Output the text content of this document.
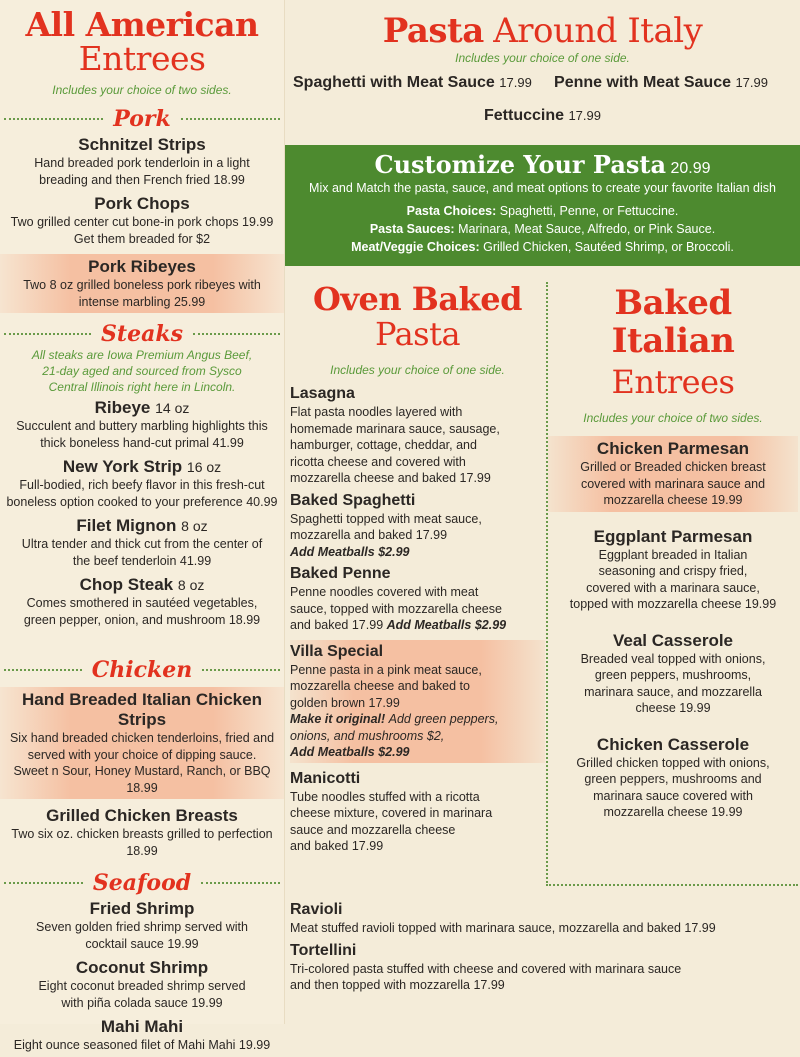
All American
Entrees
Includes your choice of two sides.
Pork
Schnitzel Strips
Hand breaded pork tenderloin in a light
breading and then French fried 18.99
Pork Chops
Two grilled center cut bone-in pork chops 19.99
Get them breaded for $2
Pork Ribeyes
Two 8 oz grilled boneless pork ribeyes with
intense marbling 25.99
Steaks
All steaks are Iowa Premium Angus Beef,
21-day aged and sourced from Sysco
Central Illinois right here in Lincoln.
Ribeye 14 oz
Succulent and buttery marbling highlights this
thick boneless hand-cut primal 41.99
New York Strip 16 oz
Full-bodied, rich beefy flavor in this fresh-cut
boneless option cooked to your preference 40.99
Filet Mignon 8 oz
Ultra tender and thick cut from the center of
the beef tenderloin 41.99
Chop Steak 8 oz
Comes smothered in sautéed vegetables,
green pepper, onion, and mushroom 18.99
Chicken
Hand Breaded Italian Chicken Strips
Six hand breaded chicken tenderloins, fried and
served with your choice of dipping sauce.
Sweet n Sour, Honey Mustard, Ranch, or BBQ 18.99
Grilled Chicken Breasts
Two six oz. chicken breasts grilled to perfection 18.99
Seafood
Fried Shrimp
Seven golden fried shrimp served with
cocktail sauce 19.99
Coconut Shrimp
Eight coconut breaded shrimp served
with piña colada sauce 19.99
Mahi Mahi
Eight ounce seasoned filet of Mahi Mahi 19.99
Pasta Around Italy
Includes your choice of one side.
Spaghetti with Meat Sauce 17.99 Penne with Meat Sauce 17.99
Fettuccine 17.99
Customize Your Pasta 20.99
Mix and Match the pasta, sauce, and meat options to create your favorite Italian dish
Pasta Choices: Spaghetti, Penne, or Fettuccine.
Pasta Sauces: Marinara, Meat Sauce, Alfredo, or Pink Sauce.
Meat/Veggie Choices: Grilled Chicken, Sautéed Shrimp, or Broccoli.
Oven Baked
Pasta
Includes your choice of one side.
Lasagna
Flat pasta noodles layered with
homemade marinara sauce, sausage,
hamburger, cottage, cheddar, and
ricotta cheese and covered with
mozzarella cheese and baked 17.99
Baked Spaghetti
Spaghetti topped with meat sauce,
mozzarella and baked 17.99
Add Meatballs $2.99
Baked Penne
Penne noodles covered with meat
sauce, topped with mozzarella cheese
and baked 17.99 Add Meatballs $2.99
Villa Special
Penne pasta in a pink meat sauce,
mozzarella cheese and baked to
golden brown 17.99
Make it original! Add green peppers,
onions, and mushrooms $2,
Add Meatballs $2.99
Manicotti
Tube noodles stuffed with a ricotta
cheese mixture, covered in marinara
sauce and mozzarella cheese
and baked 17.99
Baked
Italian
Entrees
Includes your choice of two sides.
Chicken Parmesan
Grilled or Breaded chicken breast
covered with marinara sauce and
mozzarella cheese 19.99
Eggplant Parmesan
Eggplant breaded in Italian
seasoning and crispy fried,
covered with a marinara sauce,
topped with mozzarella cheese 19.99
Veal Casserole
Breaded veal topped with onions,
green peppers, mushrooms,
marinara sauce, and mozzarella
cheese 19.99
Chicken Casserole
Grilled chicken topped with onions,
green peppers, mushrooms and
marinara sauce covered with
mozzarella cheese 19.99
Ravioli
Meat stuffed ravioli topped with marinara sauce, mozzarella and baked 17.99
Tortellini
Tri-colored pasta stuffed with cheese and covered with marinara sauce
and then topped with mozzarella 17.99
